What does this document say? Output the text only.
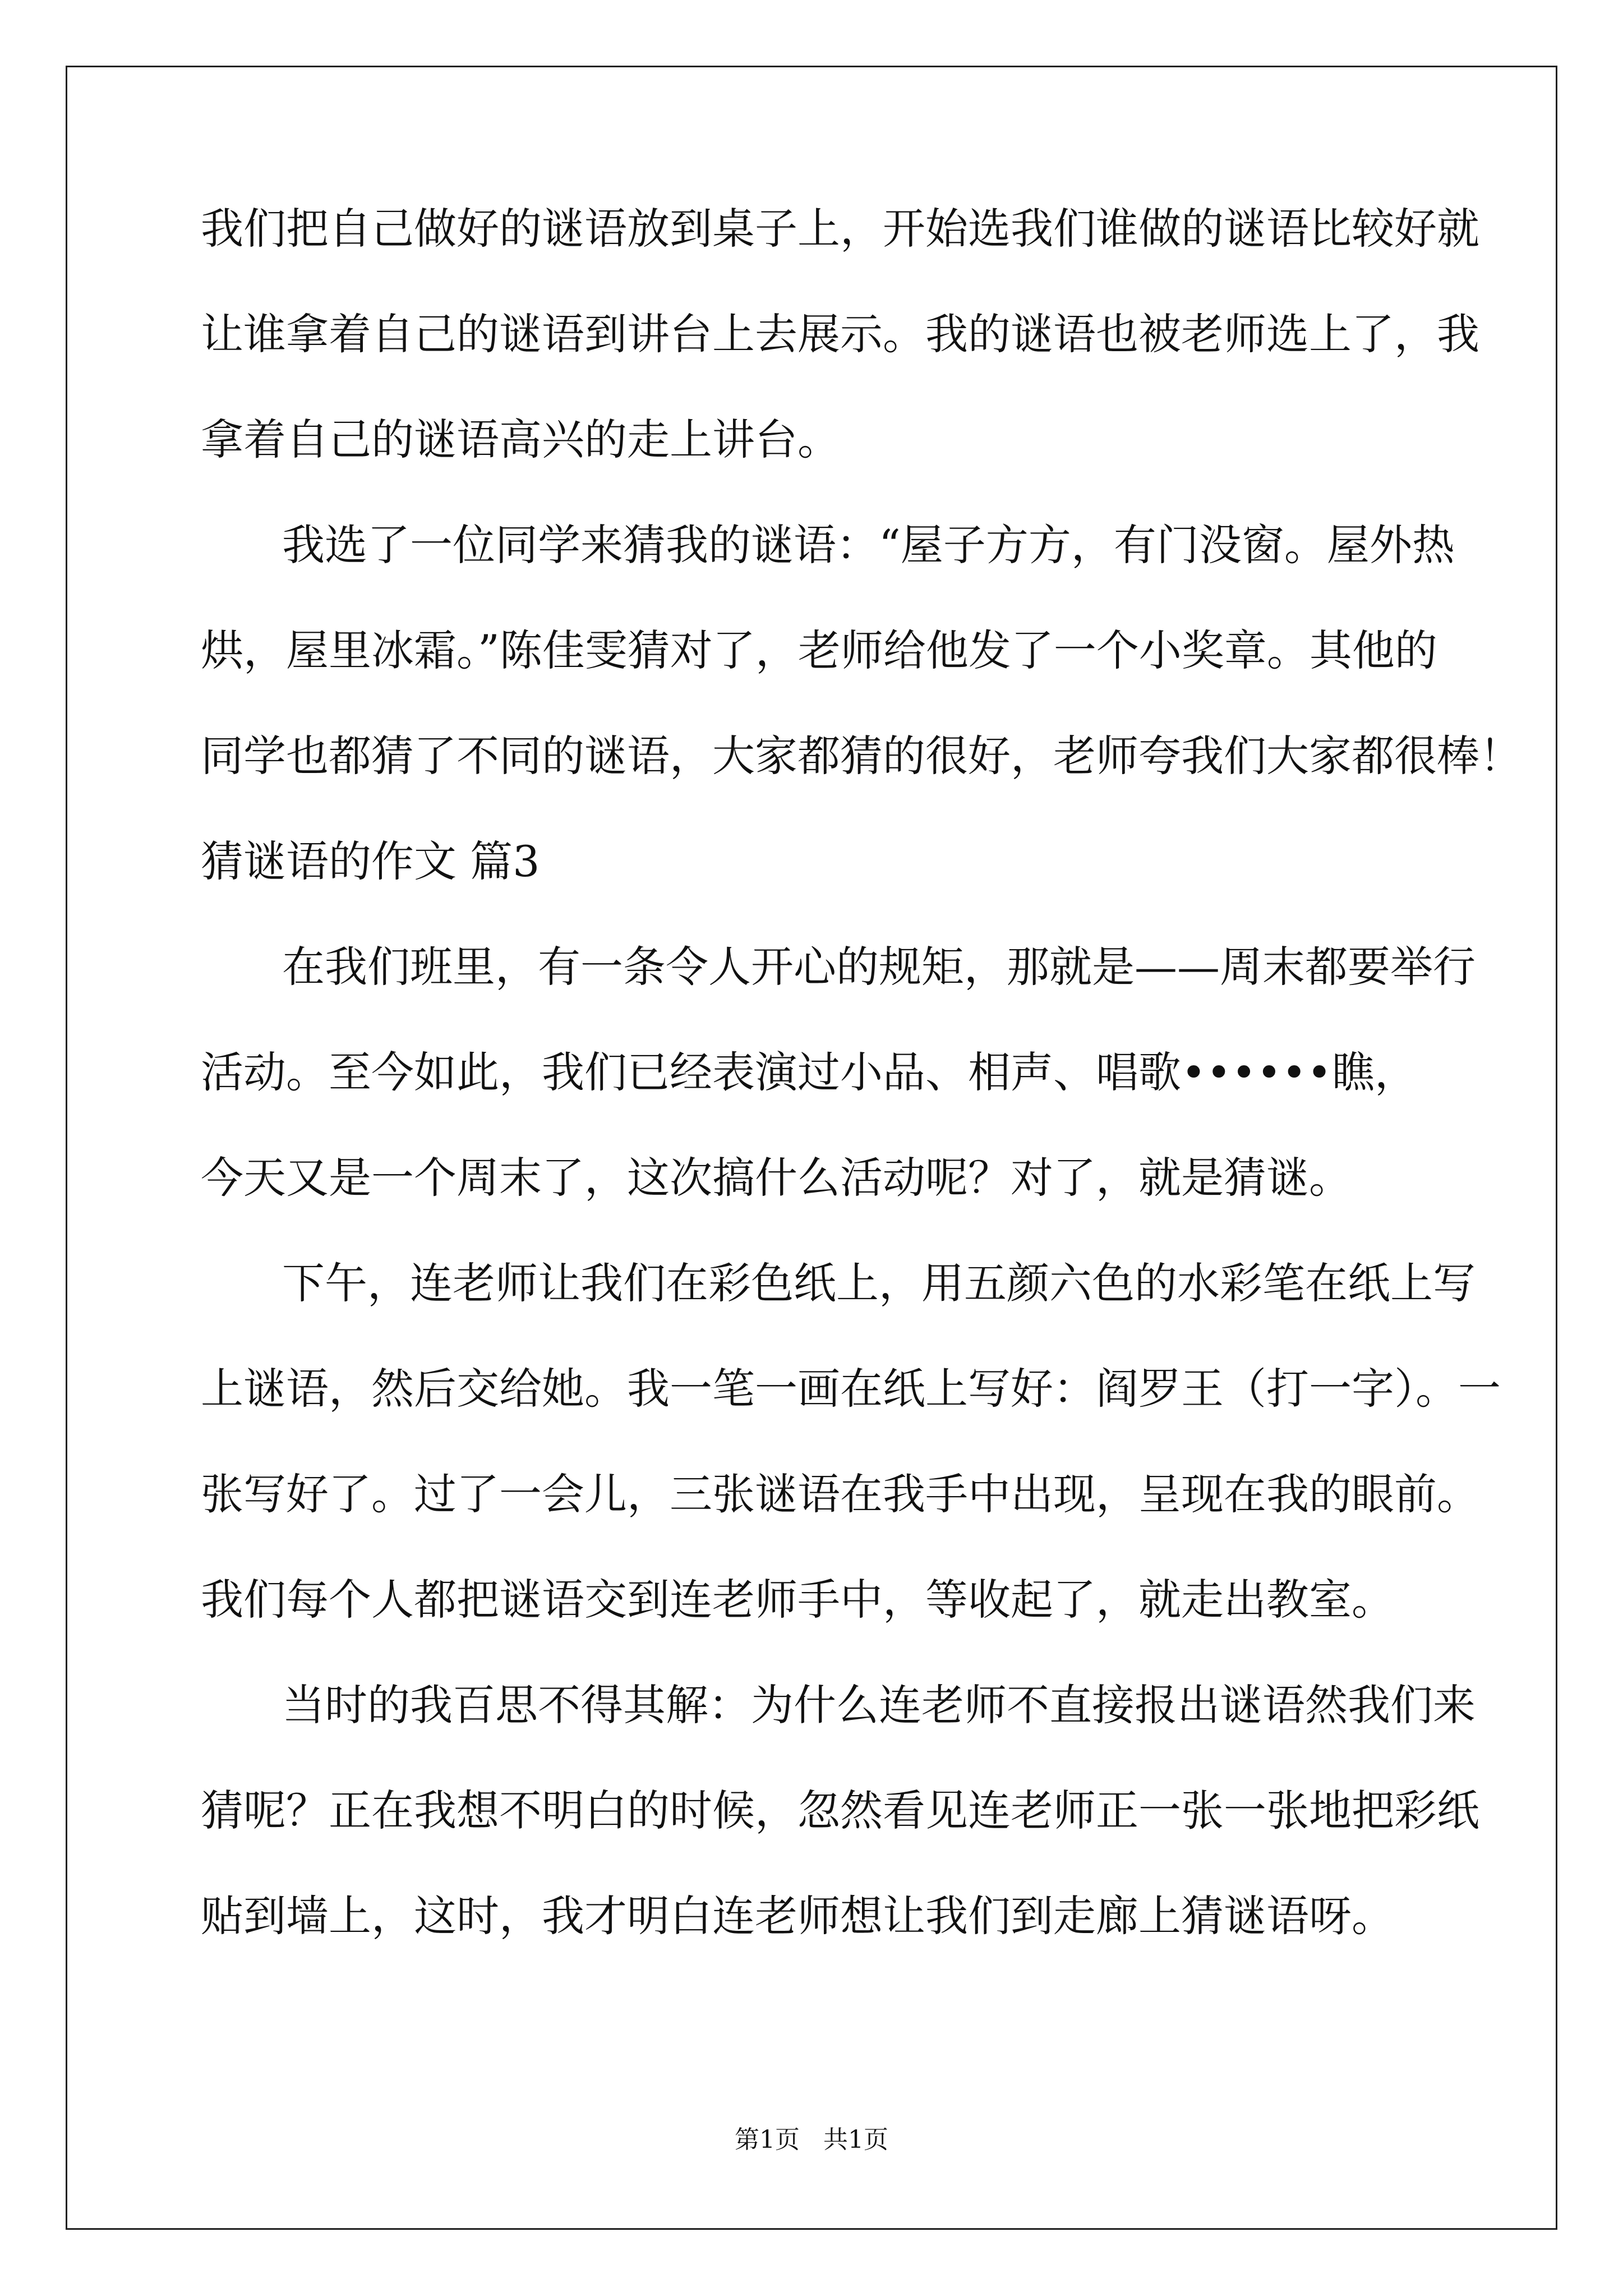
我们把自己做好的谜语放到桌子上，开始选我们谁做的谜语比较好就
让谁拿着自己的谜语到讲台上去展示。我的谜语也被老师选上了，我
拿着自己的谜语高兴的走上讲台。

我选了一位同学来猜我的谜语：“屋子方方，有门没窗。屋外热
烘，屋里冰霜。”陈佳雯猜对了，老师给他发了一个小奖章。其他的
同学也都猜了不同的谜语，大家都猜的很好，老师夸我们大家都很棒！

猜谜语的作文 篇3

在我们班里，有一条令人开心的规矩，那就是——周末都要举行
活动。至今如此，我们已经表演过小品、相声、唱歌••••••瞧，
今天又是一个周末了，这次搞什么活动呢？对了，就是猜谜。

下午，连老师让我们在彩色纸上，用五颜六色的水彩笔在纸上写
上谜语，然后交给她。我一笔一画在纸上写好：阎罗王（打一字）。一
张写好了。过了一会儿，三张谜语在我手中出现，呈现在我的眼前。
我们每个人都把谜语交到连老师手中，等收起了，就走出教室。

当时的我百思不得其解：为什么连老师不直接报出谜语然我们来
猜呢？正在我想不明白的时候，忽然看见连老师正一张一张地把彩纸
贴到墙上，这时，我才明白连老师想让我们到走廊上猜谜语呀。

第1页   共1页
